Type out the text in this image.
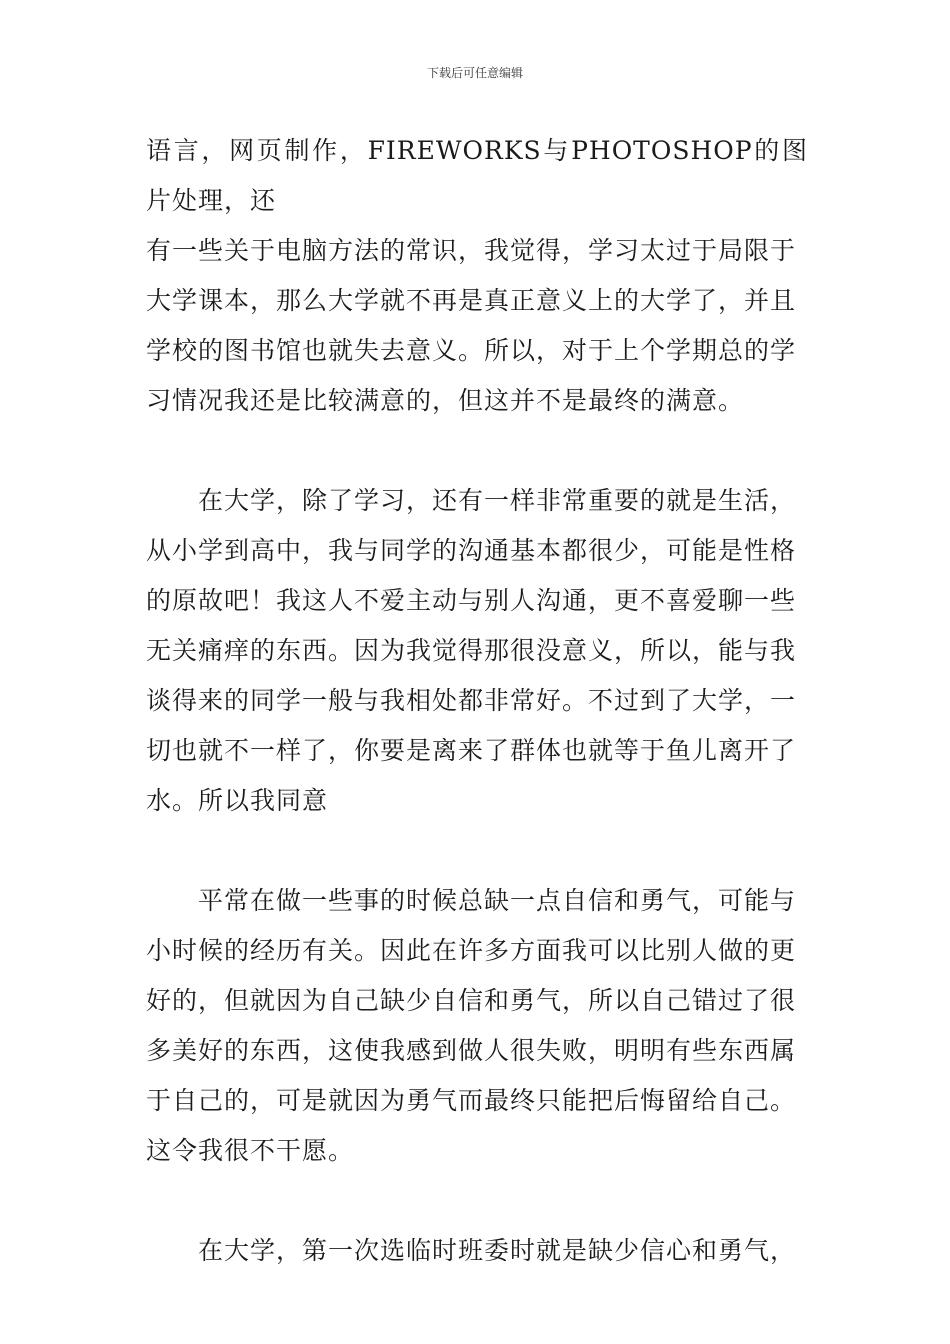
下载后可任意编辑

语言，网页制作，FIREWORKS与PHOTOSHOP的图片处理，还
有一些关于电脑方法的常识，我觉得，学习太过于局限于
大学课本，那么大学就不再是真正意义上的大学了，并且
学校的图书馆也就失去意义。所以，对于上个学期总的学
习情况我还是比较满意的，但这并不是最终的满意。

　　在大学，除了学习，还有一样非常重要的就是生活，
从小学到高中，我与同学的沟通基本都很少，可能是性格
的原故吧！我这人不爱主动与别人沟通，更不喜爱聊一些
无关痛痒的东西。因为我觉得那很没意义，所以，能与我
谈得来的同学一般与我相处都非常好。不过到了大学，一
切也就不一样了，你要是离来了群体也就等于鱼儿离开了
水。所以我同意

　　平常在做一些事的时候总缺一点自信和勇气，可能与
小时候的经历有关。因此在许多方面我可以比别人做的更
好的，但就因为自己缺少自信和勇气，所以自己错过了很
多美好的东西，这使我感到做人很失败，明明有些东西属
于自己的，可是就因为勇气而最终只能把后悔留给自己。
这令我很不干愿。

　　在大学，第一次选临时班委时就是缺少信心和勇气，
